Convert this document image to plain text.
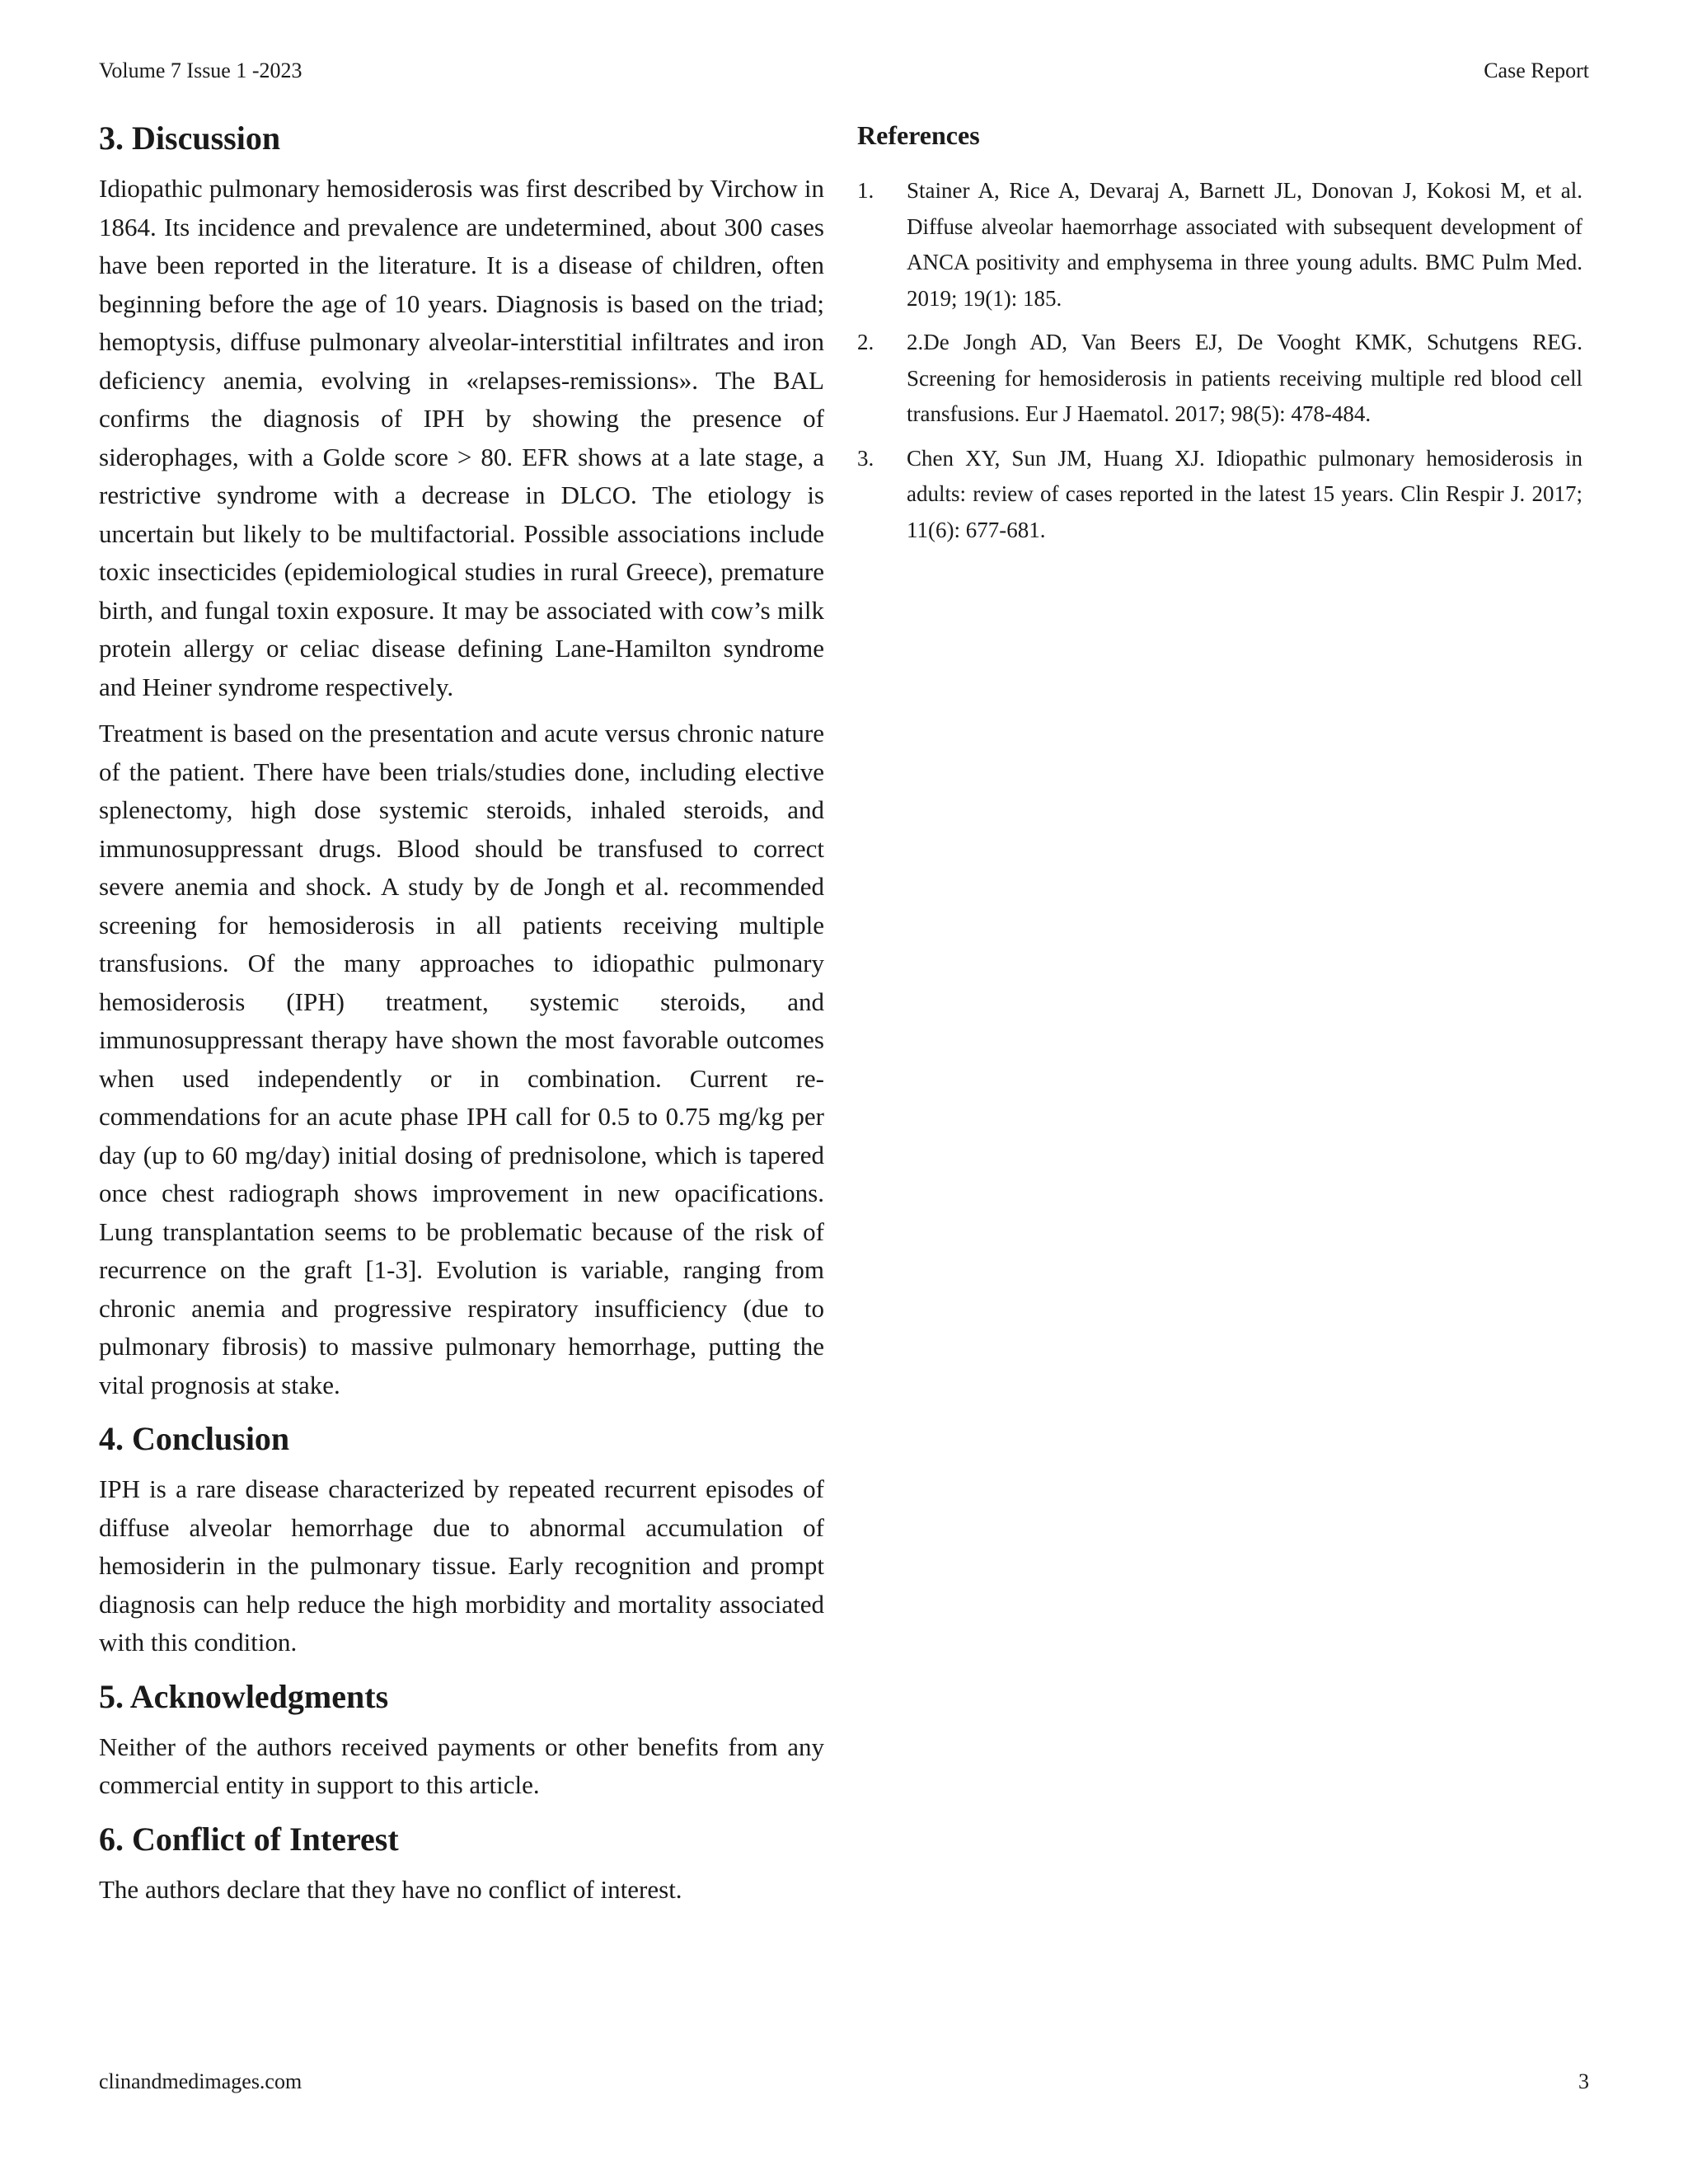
Volume 7 Issue 1 -2023	Case Report
3. Discussion

Idiopathic pulmonary hemosiderosis was first described by Virchow in 1864. Its incidence and prevalence are undetermined, about 300 cases have been reported in the literature. It is a disease of children, often beginning before the age of 10 years. Diagnosis is based on the triad; hemoptysis, diffuse pulmonary alveolar-interstitial infiltrates and iron deficiency anemia, evolving in «relapses-remissions». The BAL confirms the diagnosis of IPH by showing the presence of siderophages, with a Golde score > 80. EFR shows at a late stage, a restrictive syndrome with a decrease in DLCO. The etiology is uncertain but likely to be multifactorial. Possible associations include toxic insecticides (epidemiological studies in rural Greece), premature birth, and fungal toxin exposure. It may be associated with cow’s milk protein allergy or celiac disease defining Lane-Hamilton syndrome and Heiner syndrome respectively.

Treatment is based on the presentation and acute versus chronic nature of the patient. There have been trials/studies done, including elective splenectomy, high dose systemic steroids, inhaled steroids, and immunosuppressant drugs. Blood should be transfused to correct severe anemia and shock. A study by de Jongh et al. recommended screening for hemosiderosis in all patients receiving multiple transfusions. Of the many approaches to idiopathic pulmonary hemosiderosis (IPH) treatment, systemic steroids, and immunosuppressant therapy have shown the most favorable outcomes when used independently or in combination. Current recommendations for an acute phase IPH call for 0.5 to 0.75 mg/kg per day (up to 60 mg/day) initial dosing of prednisolone, which is tapered once chest radiograph shows improvement in new opacifications. Lung transplantation seems to be problematic because of the risk of recurrence on the graft [1-3]. Evolution is variable, ranging from chronic anemia and progressive respiratory insufficiency (due to pulmonary fibrosis) to massive pulmonary hemorrhage, putting the vital prognosis at stake.

4. Conclusion

IPH is a rare disease characterized by repeated recurrent episodes of diffuse alveolar hemorrhage due to abnormal accumulation of hemosiderin in the pulmonary tissue. Early recognition and prompt diagnosis can help reduce the high morbidity and mortality associated with this condition.

5. Acknowledgments

Neither of the authors received payments or other benefits from any commercial entity in support to this article.

6. Conflict of Interest

The authors declare that they have no conflict of interest.

References
1. Stainer A, Rice A, Devaraj A, Barnett JL, Donovan J, Kokosi M, et al. Diffuse alveolar haemorrhage associated with subsequent development of ANCA positivity and emphysema in three young adults. BMC Pulm Med. 2019; 19(1): 185.
2. 2.De Jongh AD, Van Beers EJ, De Vooght KMK, Schutgens REG. Screening for hemosiderosis in patients receiving multiple red blood cell transfusions. Eur J Haematol. 2017; 98(5): 478-484.
3. Chen XY, Sun JM, Huang XJ. Idiopathic pulmonary hemosiderosis in adults: review of cases reported in the latest 15 years. Clin Respir J. 2017; 11(6): 677-681.
clinandmedimages.com	3
